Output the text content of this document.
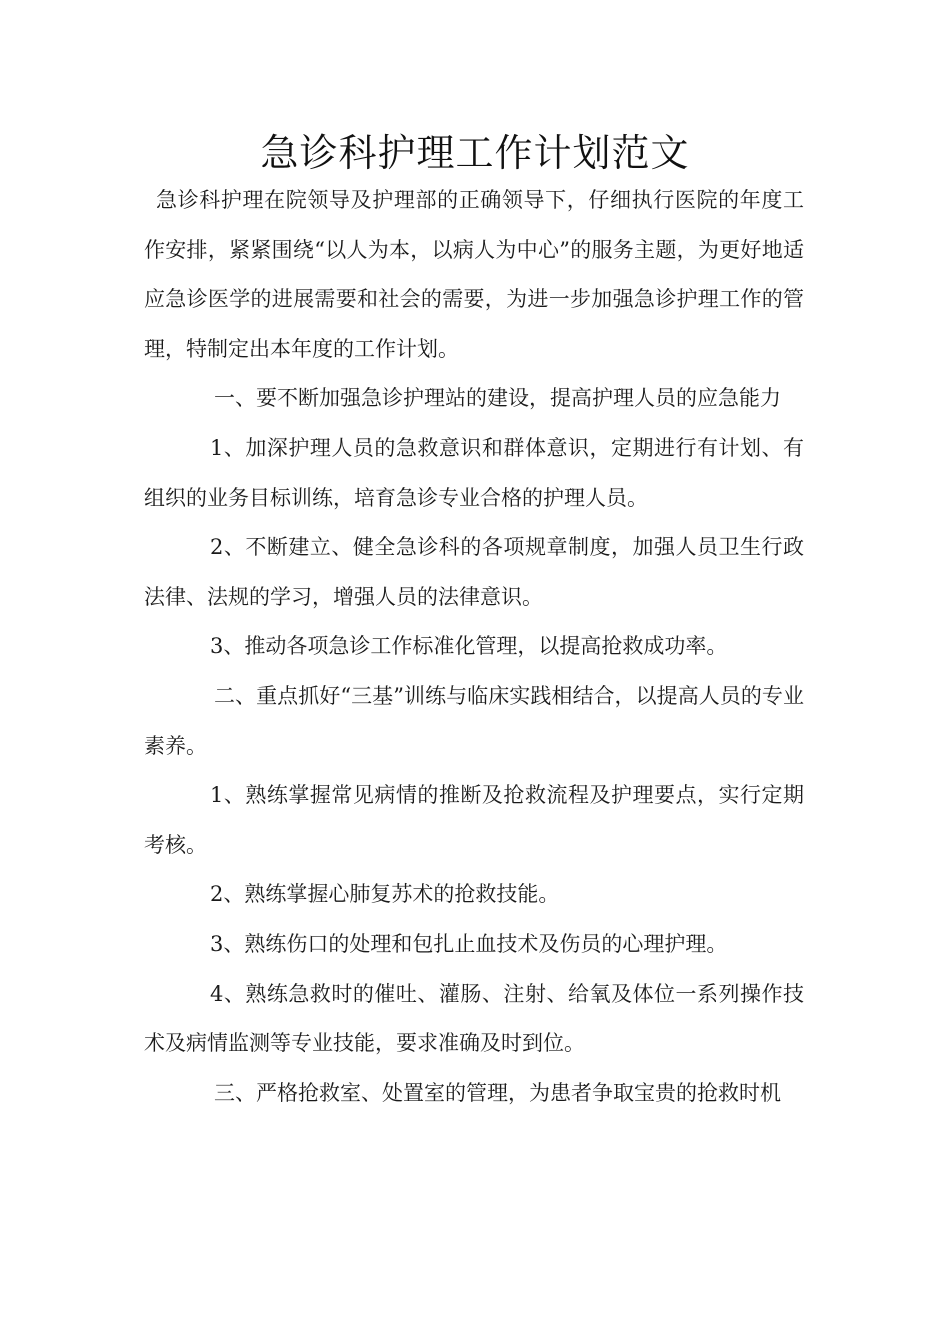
急诊科护理工作计划范文

急诊科护理在院领导及护理部的正确领导下，仔细执行医院的年度工作安排，紧紧围绕“以人为本，以病人为中心”的服务主题，为更好地适应急诊医学的进展需要和社会的需要，为进一步加强急诊护理工作的管理，特制定出本年度的工作计划。

一、要不断加强急诊护理站的建设，提高护理人员的应急能力

1、加深护理人员的急救意识和群体意识，定期进行有计划、有组织的业务目标训练，培育急诊专业合格的护理人员。

2、不断建立、健全急诊科的各项规章制度，加强人员卫生行政法律、法规的学习，增强人员的法律意识。

3、推动各项急诊工作标准化管理，以提高抢救成功率。

二、重点抓好“三基”训练与临床实践相结合，以提高人员的专业素养。

1、熟练掌握常见病情的推断及抢救流程及护理要点，实行定期考核。

2、熟练掌握心肺复苏术的抢救技能。

3、熟练伤口的处理和包扎止血技术及伤员的心理护理。

4、熟练急救时的催吐、灌肠、注射、给氧及体位一系列操作技术及病情监测等专业技能，要求准确及时到位。

三、严格抢救室、处置室的管理，为患者争取宝贵的抢救时机
